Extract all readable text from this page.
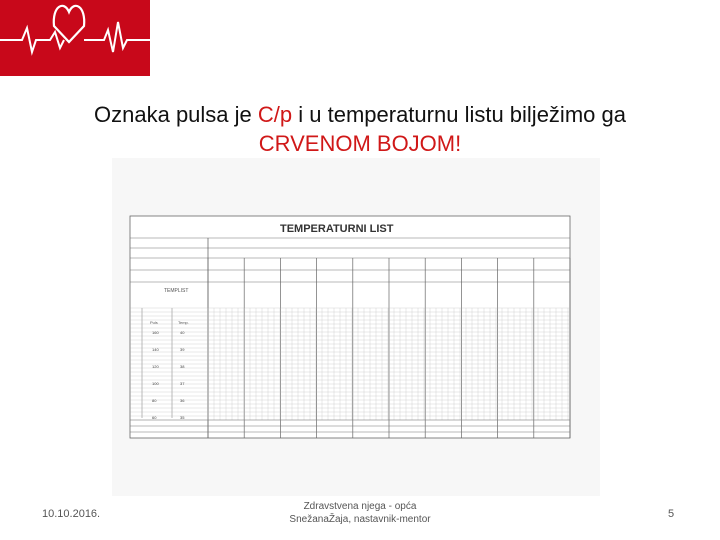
Oznaka pulsa je C/p i u temperaturnu listu bilježimo ga
CRVENOM BOJOM!
TEMPERATURNI LIST
TEMPLIST
Puls	Temp.
160
140
120
100
80
60
40
39
38
37
36
35
10.10.2016.
Zdravstvena njega - opća
SnežanaŽaja, nastavnik-mentor	5
